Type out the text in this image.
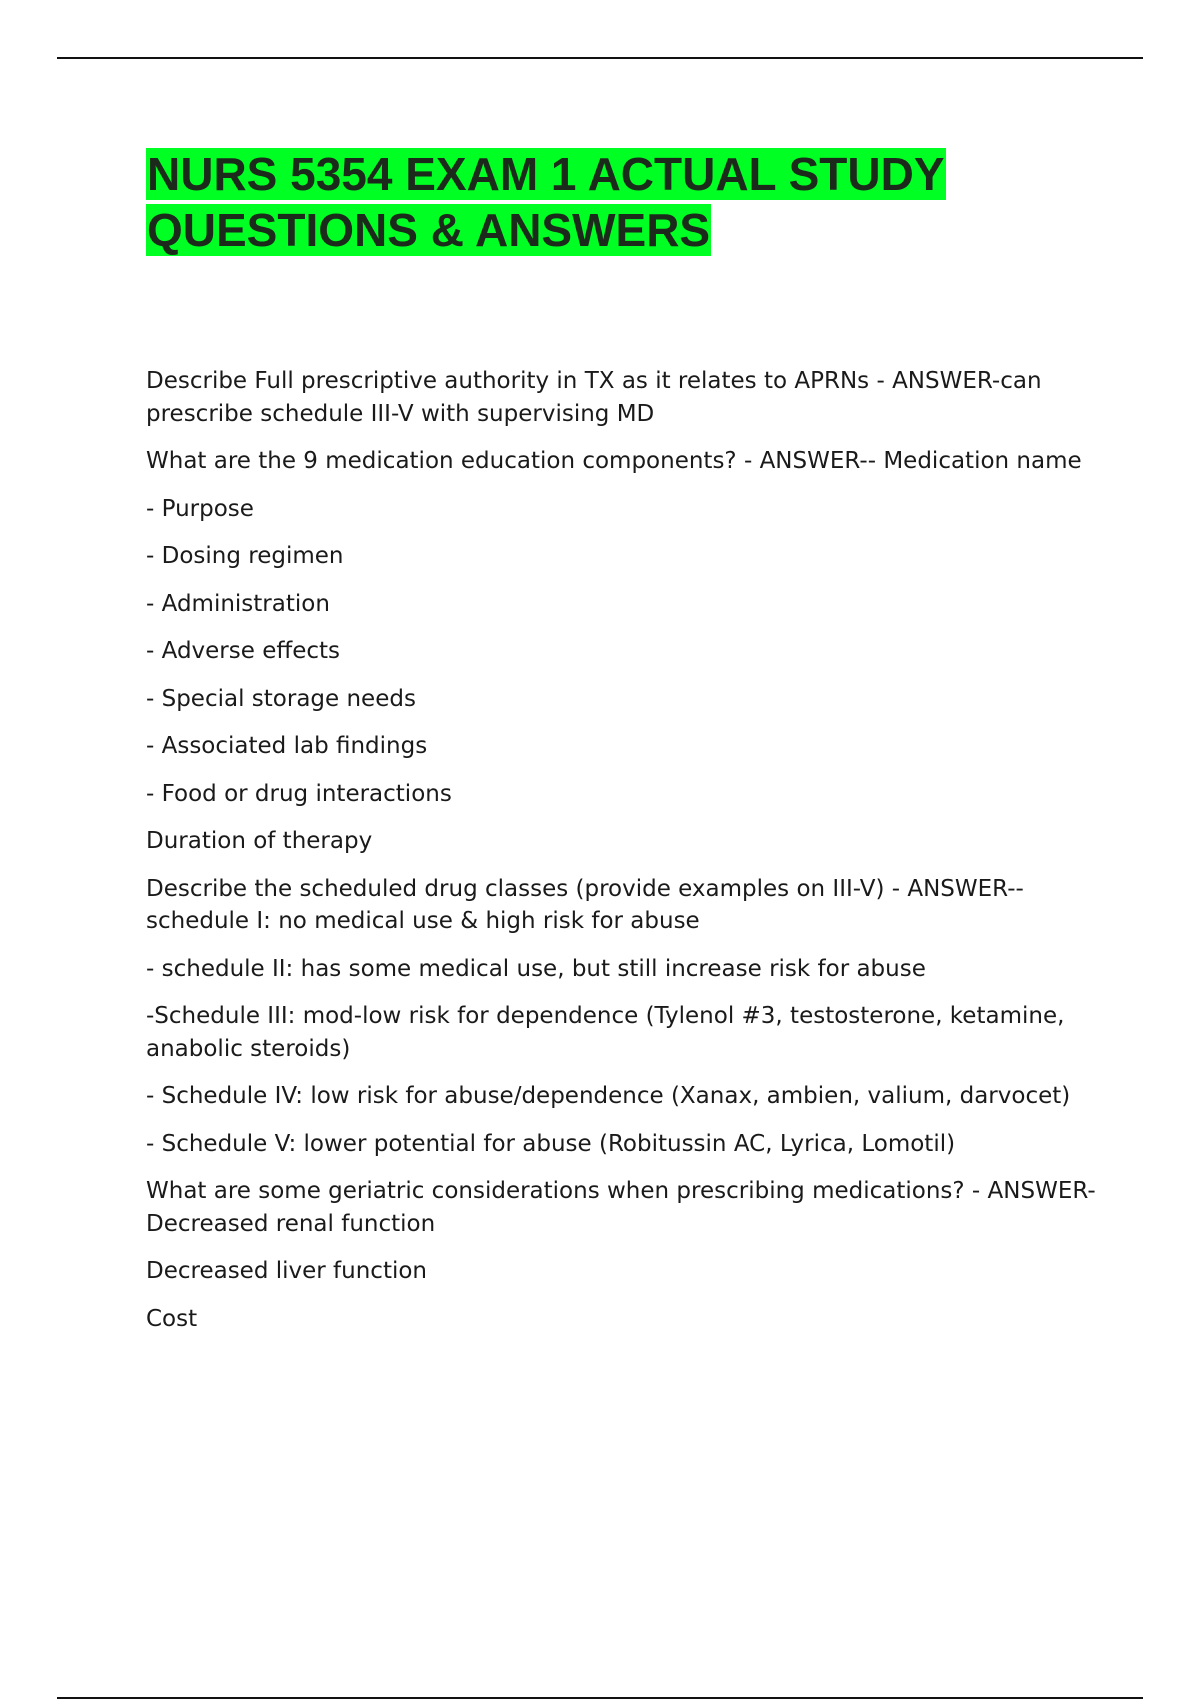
NURS 5354 EXAM 1 ACTUAL STUDY QUESTIONS & ANSWERS

Describe Full prescriptive authority in TX as it relates to APRNs - ANSWER-can prescribe schedule III-V with supervising MD

What are the 9 medication education components? - ANSWER-- Medication name

- Purpose

- Dosing regimen

- Administration

- Adverse effects

- Special storage needs

- Associated lab findings

- Food or drug interactions

Duration of therapy

Describe the scheduled drug classes (provide examples on III-V) - ANSWER-- schedule I: no medical use & high risk for abuse

- schedule II: has some medical use, but still increase risk for abuse

-Schedule III: mod-low risk for dependence (Tylenol #3, testosterone, ketamine, anabolic steroids)

- Schedule IV: low risk for abuse/dependence (Xanax, ambien, valium, darvocet)

- Schedule V: lower potential for abuse (Robitussin AC, Lyrica, Lomotil)

What are some geriatric considerations when prescribing medications? - ANSWER-Decreased renal function

Decreased liver function

Cost
